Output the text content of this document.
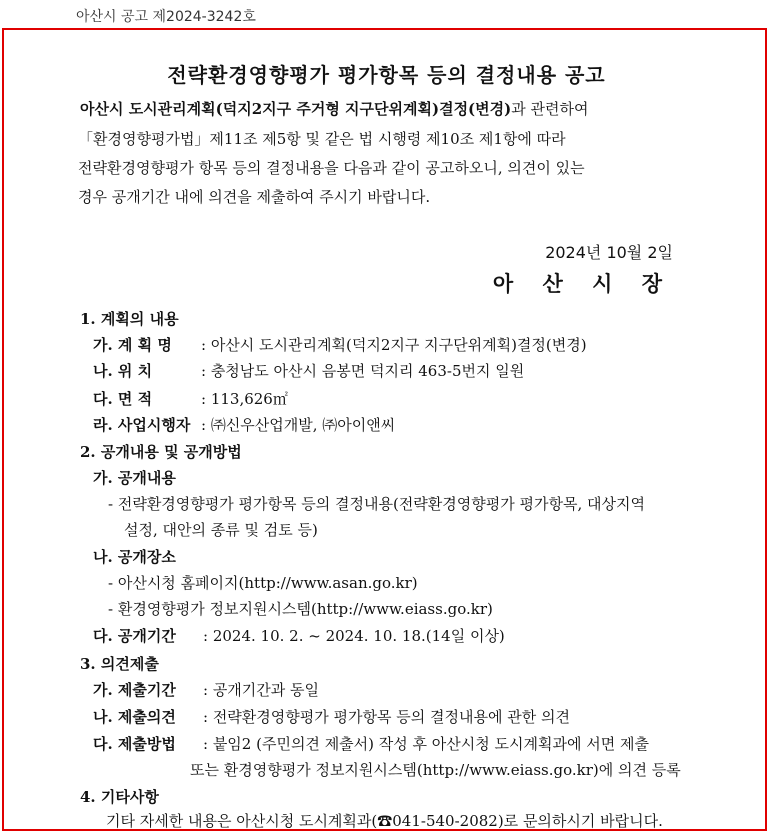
아산시 공고 제2024-3242호
전략환경영향평가 평가항목 등의 결정내용 공고
아산시 도시관리계획(덕지2지구 주거형 지구단위계획)결정(변경)과 관련하여
「환경영향평가법」제11조 제5항 및 같은 법 시행령 제10조 제1항에 따라
전략환경영향평가 항목 등의 결정내용을 다음과 같이 공고하오니, 의견이 있는
경우 공개기간 내에 의견을 제출하여 주시기 바랍니다.
2024년 10월 2일
아 산 시 장
1. 계획의 내용
가. 계 획 명 : 아산시 도시관리계획(덕지2지구 지구단위계획)결정(변경)
나. 위 치	: 충청남도 아산시 음봉면 덕지리 463-5번지 일원
다. 면 적	: 113,626㎡
라. 사업시행자 : ㈜신우산업개발, ㈜아이앤씨
2. 공개내용 및 공개방법
가. 공개내용
- 전략환경영향평가 평가항목 등의 결정내용(전략환경영향평가 평가항목, 대상지역
설정, 대안의 종류 및 검토 등)
나. 공개장소
- 아산시청 홈페이지(http://www.asan.go.kr)
- 환경영향평가 정보지원시스템(http://www.eiass.go.kr)
다. 공개기간 : 2024. 10. 2. ~ 2024. 10. 18.(14일 이상)
3. 의견제출
가. 제출기간 : 공개기간과 동일
나. 제출의견 : 전략환경영향평가 평가항목 등의 결정내용에 관한 의견
다. 제출방법 : 붙임2 (주민의견 제출서) 작성 후 아산시청 도시계획과에 서면 제출
또는 환경영향평가 정보지원시스템(http://www.eiass.go.kr)에 의견 등록
4. 기타사항
기타 자세한 내용은 아산시청 도시계획과(☎041-540-2082)로 문의하시기 바랍니다.
